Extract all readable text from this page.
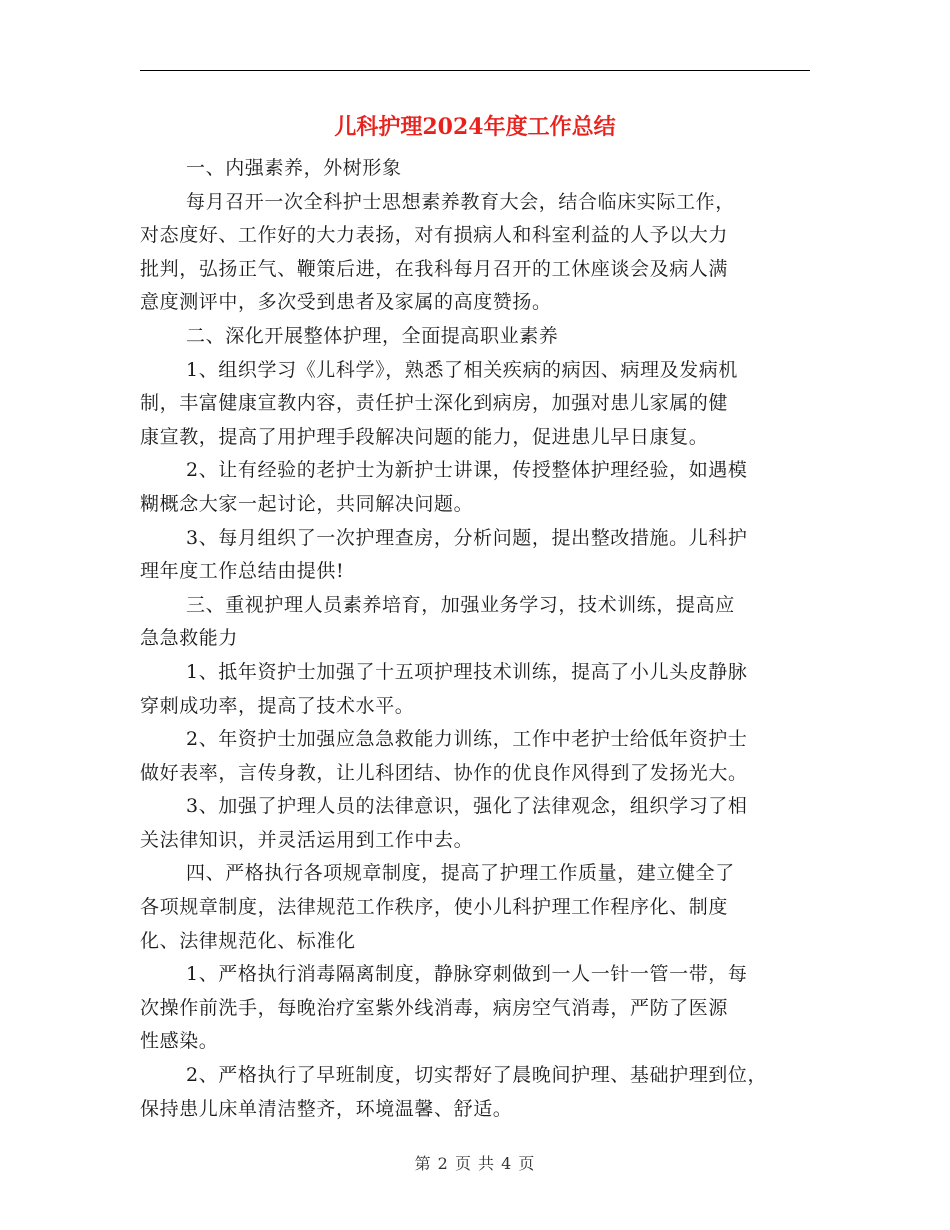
儿科护理2024年度工作总结
一、内强素养，外树形象
每月召开一次全科护士思想素养教育大会，结合临床实际工作，
对态度好、工作好的大力表扬，对有损病人和科室利益的人予以大力
批判，弘扬正气、鞭策后进，在我科每月召开的工休座谈会及病人满
意度测评中，多次受到患者及家属的高度赞扬。
二、深化开展整体护理，全面提高职业素养
1、组织学习《儿科学》，熟悉了相关疾病的病因、病理及发病机
制，丰富健康宣教内容，责任护士深化到病房，加强对患儿家属的健
康宣教，提高了用护理手段解决问题的能力，促进患儿早日康复。
2、让有经验的老护士为新护士讲课，传授整体护理经验，如遇模
糊概念大家一起讨论，共同解决问题。
3、每月组织了一次护理查房，分析问题，提出整改措施。儿科护
理年度工作总结由提供!
三、重视护理人员素养培育，加强业务学习，技术训练，提高应
急急救能力
1、抵年资护士加强了十五项护理技术训练，提高了小儿头皮静脉
穿刺成功率，提高了技术水平。
2、年资护士加强应急急救能力训练，工作中老护士给低年资护士
做好表率，言传身教，让儿科团结、协作的优良作风得到了发扬光大。
3、加强了护理人员的法律意识，强化了法律观念，组织学习了相
关法律知识，并灵活运用到工作中去。
四、严格执行各项规章制度，提高了护理工作质量，建立健全了
各项规章制度，法律规范工作秩序，使小儿科护理工作程序化、制度
化、法律规范化、标准化
1、严格执行消毒隔离制度，静脉穿刺做到一人一针一管一带，每
次操作前洗手，每晚治疗室紫外线消毒，病房空气消毒，严防了医源
性感染。
2、严格执行了早班制度，切实帮好了晨晚间护理、基础护理到位，
保持患儿床单清洁整齐，环境温馨、舒适。
第 2 页 共 4 页
